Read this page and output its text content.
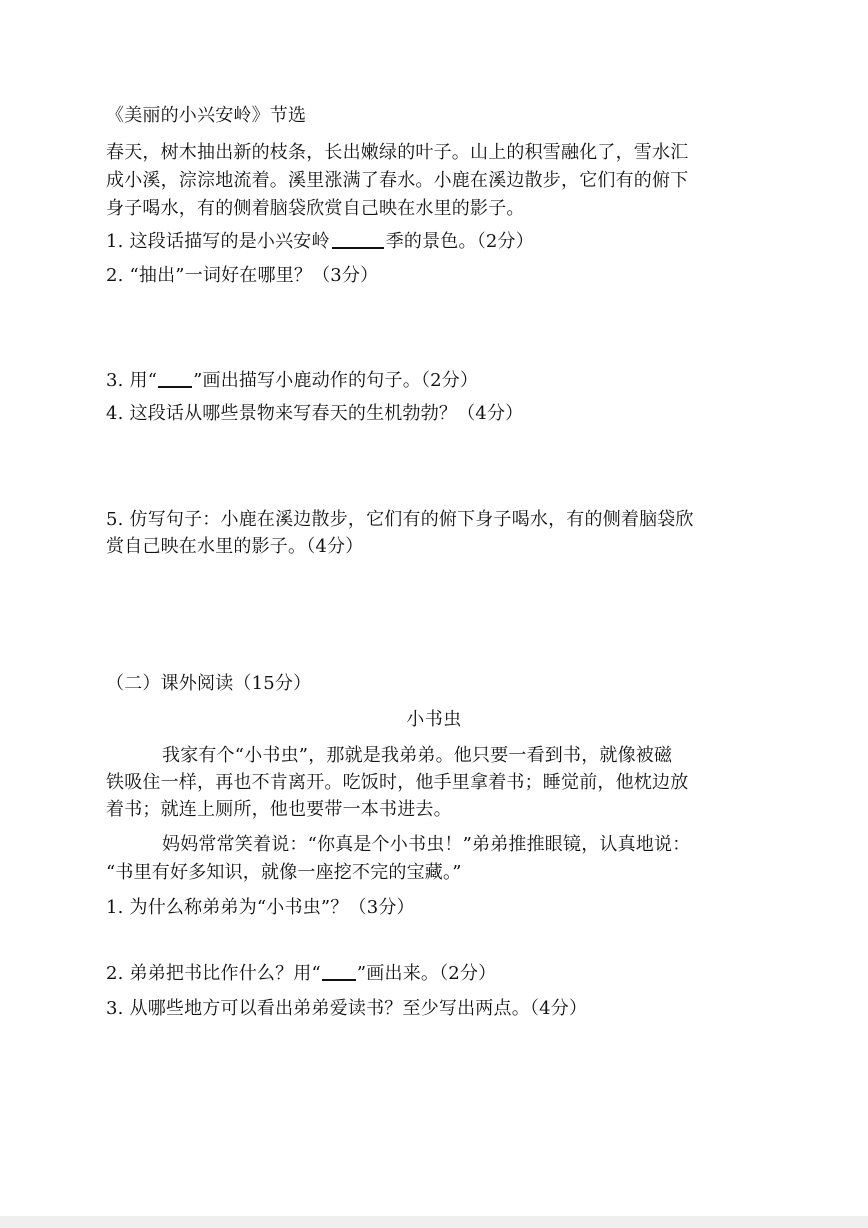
《美丽的小兴安岭》节选
春天，树木抽出新的枝条，长出嫩绿的叶子。山上的积雪融化了，雪水汇
成小溪，淙淙地流着。溪里涨满了春水。小鹿在溪边散步，它们有的俯下
身子喝水，有的侧着脑袋欣赏自己映在水里的影子。
1. 这段话描写的是小兴安岭	季的景色。（2分）
2. “抽出”一词好在哪里？（3分）
3. 用“ ”画出描写小鹿动作的句子。（2分）
4. 这段话从哪些景物来写春天的生机勃勃？（4分）
5. 仿写句子：小鹿在溪边散步，它们有的俯下身子喝水，有的侧着脑袋欣
赏自己映在水里的影子。（4分）
（二）课外阅读（15分）
小书虫
我家有个“小书虫”，那就是我弟弟。他只要一看到书，就像被磁
铁吸住一样，再也不肯离开。吃饭时，他手里拿着书；睡觉前，他枕边放
着书；就连上厕所，他也要带一本书进去。
妈妈常常笑着说：“你真是个小书虫！”弟弟推推眼镜，认真地说：
“书里有好多知识，就像一座挖不完的宝藏。”
1. 为什么称弟弟为“小书虫”？（3分）
2. 弟弟把书比作什么？用“ ”画出来。（2分）
3. 从哪些地方可以看出弟弟爱读书？至少写出两点。（4分）
